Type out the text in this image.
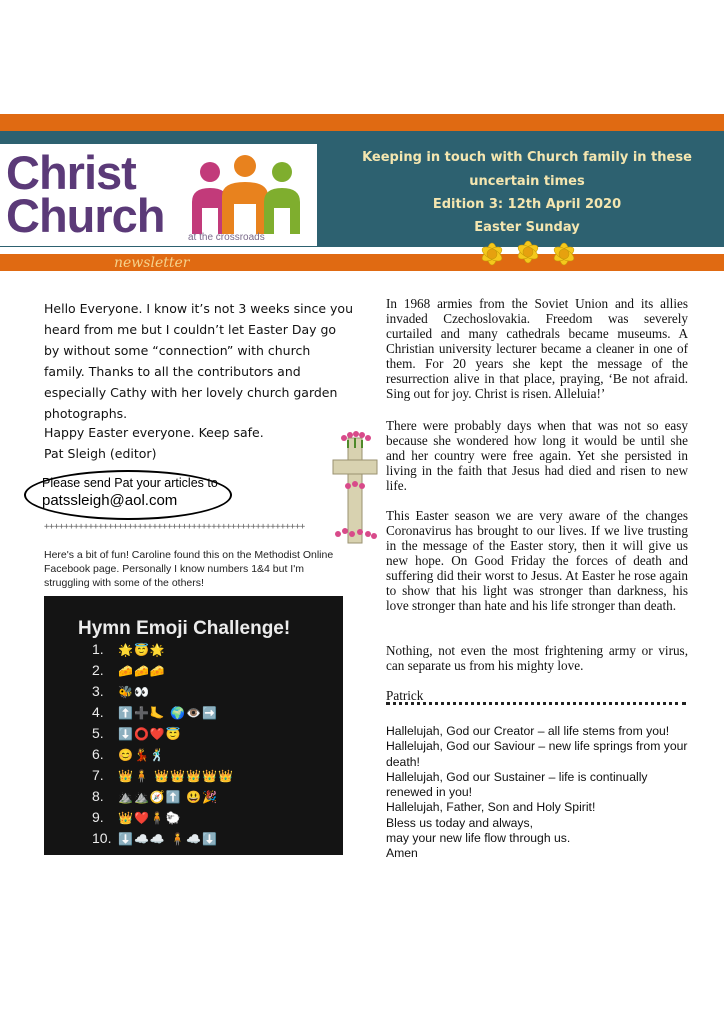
Christ
Church at the crossroads
newsletter
Keeping in touch with Church family in these
uncertain times
Edition 3: 12th April 2020
Easter Sunday
Hello Everyone. I know it’s not 3 weeks since you heard from me but I couldn’t let Easter Day go by without some “connection” with church family. Thanks to all the contributors and especially Cathy with her lovely church garden photographs.
Happy Easter everyone. Keep safe.
Pat Sleigh (editor)
Please send Pat your articles to
patssleigh@aol.com
+++++++++++++++++++++++++++++++++++++++++++++++++++++
Here's a bit of fun! Caroline found this on the Methodist Online Facebook page. Personally I know numbers 1&4 but I'm struggling with some of the others!
Hymn Emoji Challenge!
1. 🌟😇🌟
2. 🧀🧀🧀
3. 🐝👀
4. ⬆️➕🦶 🌍👁️➡️
5. ⬇️⭕❤️😇
6. 😊💃🕺
7. 👑🧍 👑👑👑👑👑
8. ⛰️⛰️🧭⬆️ 😃🎉
9. 👑❤️🧍🐑
10. ⬇️☁️☁️ 🧍☁️⬇️
In 1968 armies from the Soviet Union and its allies invaded Czechoslovakia. Freedom was severely curtailed and many cathedrals became museums. A Christian university lecturer became a cleaner in one of them. For 20 years she kept the message of the resurrection alive in that place, praying, ‘Be not afraid. Sing out for joy. Christ is risen. Alleluia!’
There were probably days when that was not so easy because she wondered how long it would be until she and her country were free again. Yet she persisted in living in the faith that Jesus had died and risen to new life.
This Easter season we are very aware of the changes Coronavirus has brought to our lives. If we live trusting in the message of the Easter story, then it will give us new hope. On Good Friday the forces of death and suffering did their worst to Jesus. At Easter he rose again to show that his light was stronger than darkness, his love stronger than hate and his life stronger than death.
Nothing, not even the most frightening army or virus, can separate us from his mighty love.
Patrick
Hallelujah, God our Creator – all life stems from you!
Hallelujah, God our Saviour – new life springs from your death!
Hallelujah, God our Sustainer – life is continually renewed in you!
Hallelujah, Father, Son and Holy Spirit!
Bless us today and always,
may your new life flow through us.
Amen
